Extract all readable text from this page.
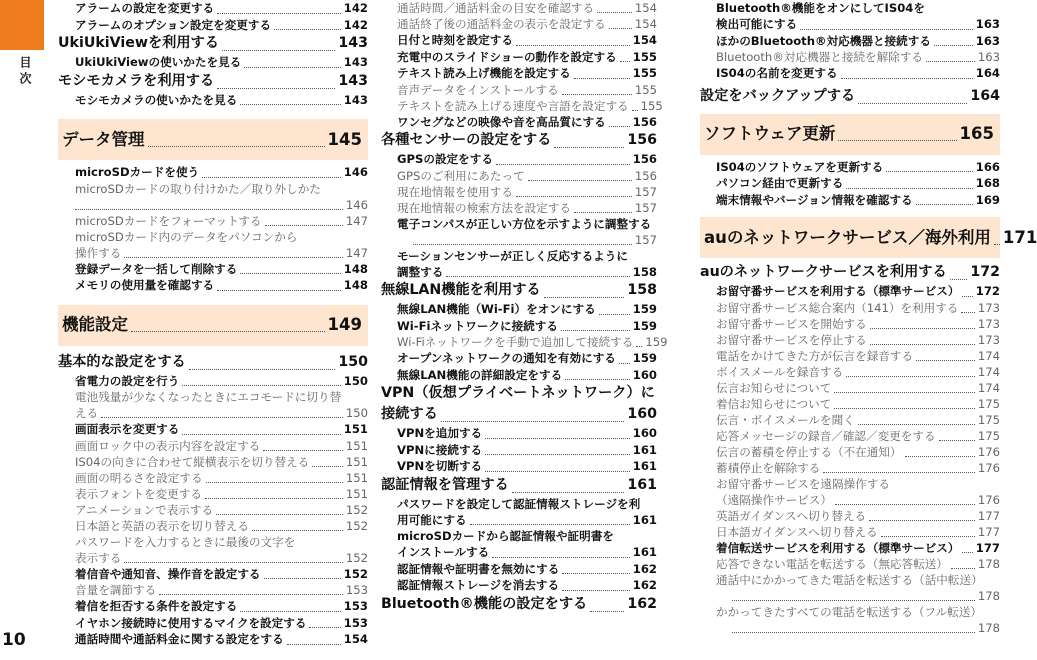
目次
10
アラームの設定を変更する	142
アラームのオプション設定を変更する	142
UkiUkiViewを利用する	143
UkiUkiViewの使いかたを見る	143
モシモカメラを利用する	143
モシモカメラの使いかたを見る	143
データ管理	145
microSDカードを使う	146
microSDカードの取り付けかた／取り外しかた
146
microSDカードをフォーマットする	147
microSDカード内のデータをパソコンから
操作する	147
登録データを一括して削除する	148
メモリの使用量を確認する	148
機能設定	149
基本的な設定をする	150
省電力の設定を行う	150
電池残量が少なくなったときにエコモードに切り替
える	150
画面表示を変更する	151
画面ロック中の表示内容を設定する	151
IS04の向きに合わせて縦横表示を切り替える	151
画面の明るさを設定する	151
表示フォントを変更する	151
アニメーションで表示する	152
日本語と英語の表示を切り替える	152
パスワードを入力するときに最後の文字を
表示する	152
着信音や通知音、操作音を設定する	152
音量を調節する	153
着信を拒否する条件を設定する	153
イヤホン接続時に使用するマイクを設定する	153
通話時間や通話料金に関する設定をする	154
通話時間／通話料金の目安を確認する	154
通話終了後の通話料金の表示を設定する	154
日付と時刻を設定する	154
充電中のスライドショーの動作を設定する 155
テキスト読み上げ機能を設定する	155
音声データをインストールする	155
テキストを読み上げる速度や言語を設定する 155
ワンセグなどの映像や音を高品質にする 156
各種センサーの設定をする	156
GPSの設定をする	156
GPSのご利用にあたって	156
現在地情報を使用する	157
現在地情報の検索方法を設定する	157
電子コンパスが正しい方位を示すように調整する
157
モーションセンサーが正しく反応するように
調整する	158
無線LAN機能を利用する	158
無線LAN機能（Wi-Fi）をオンにする	159
Wi-Fiネットワークに接続する	159
Wi-Fiネットワークを手動で追加して接続する 159
オープンネットワークの通知を有効にする 159
無線LAN機能の詳細設定をする	160
VPN（仮想プライベートネットワーク）に
接続する	160
VPNを追加する	160
VPNに接続する	161
VPNを切断する	161
認証情報を管理する	161
パスワードを設定して認証情報ストレージを利
用可能にする	161
microSDカードから認証情報や証明書を
インストールする	161
認証情報や証明書を無効にする	162
認証情報ストレージを消去する	162
Bluetooth®機能の設定をする	162
Bluetooth®機能をオンにしてIS04を
検出可能にする	163
ほかのBluetooth®対応機器と接続する	163
Bluetooth®対応機器と接続を解除する	163
IS04の名前を変更する	164
設定をバックアップする	164
ソフトウェア更新	165
IS04のソフトウェアを更新する	166
パソコン経由で更新する	168
端末情報やバージョン情報を確認する	169
auのネットワークサービス／海外利用 171
auのネットワークサービスを利用する 172
お留守番サービスを利用する（標準サービス） 172
お留守番サービス総合案内（141）を利用する 173
お留守番サービスを開始する	173
お留守番サービスを停止する	173
電話をかけてきた方が伝言を録音する	174
ボイスメールを録音する	174
伝言お知らせについて	174
着信お知らせについて	175
伝言・ボイスメールを聞く	175
応答メッセージの録音／確認／変更をする	175
伝言の蓄積を停止する（不在通知）	176
蓄積停止を解除する	176
お留守番サービスを遠隔操作する
（遠隔操作サービス）	176
英語ガイダンスへ切り替える	177
日本語ガイダンスへ切り替える	177
着信転送サービスを利用する（標準サービス） 177
応答できない電話を転送する（無応答転送）	178
通話中にかかってきた電話を転送する（話中転送）
178
かかってきたすべての電話を転送する（フル転送）
178
